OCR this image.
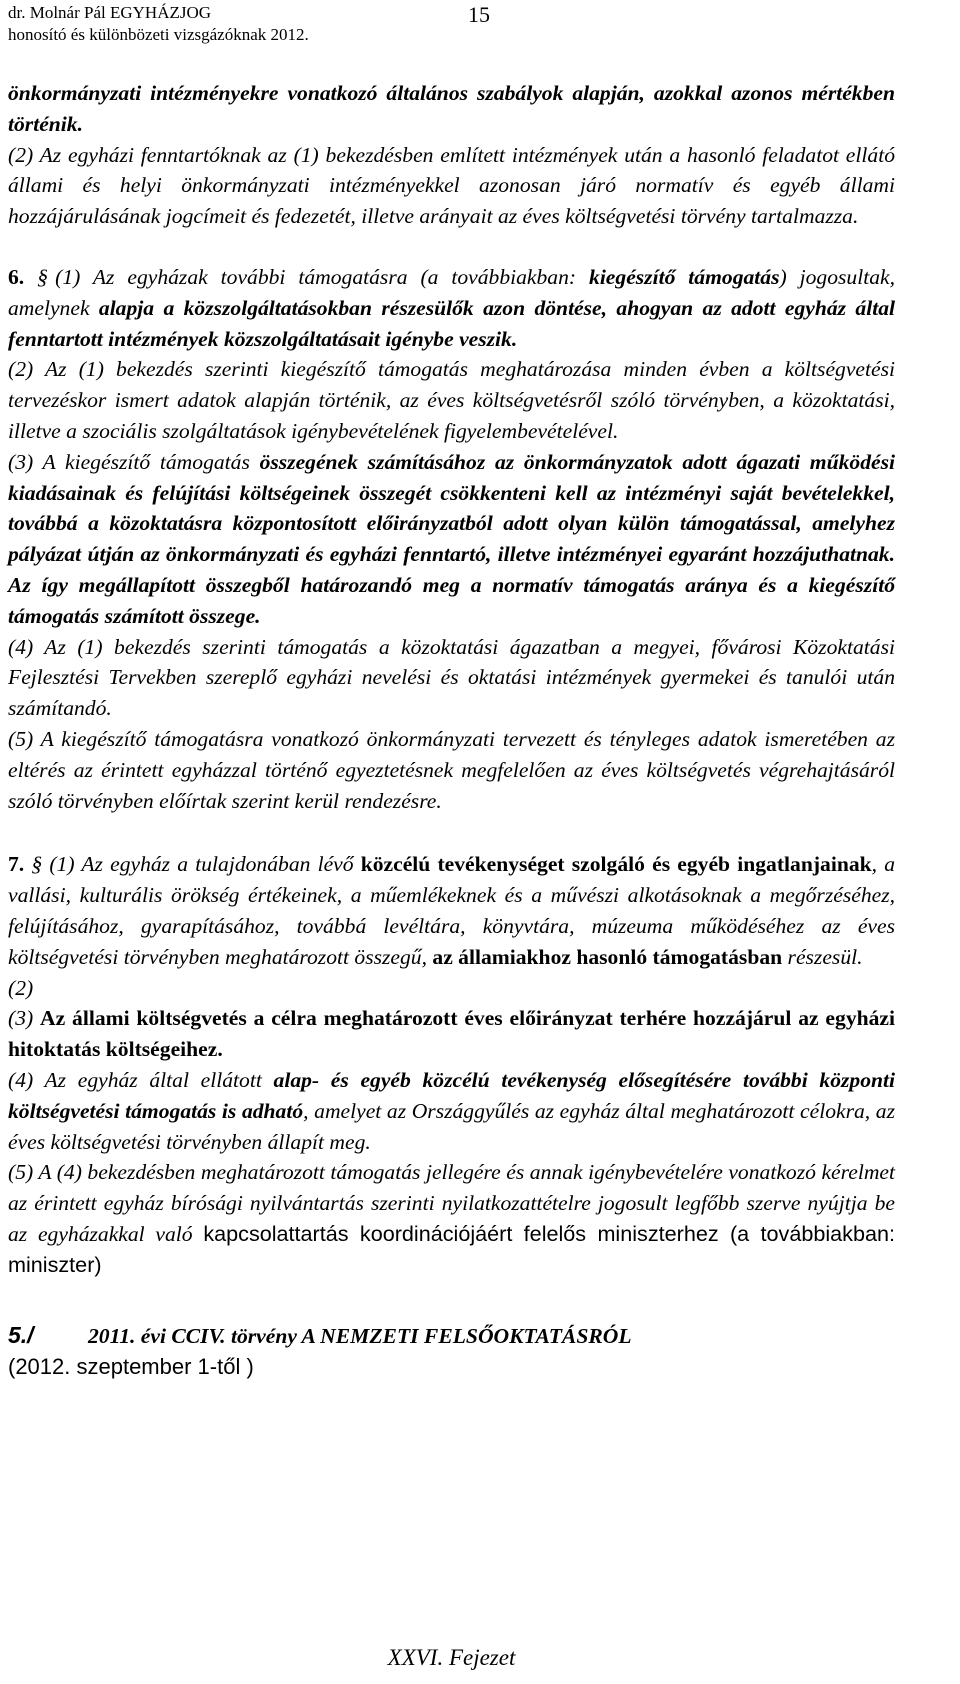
dr. Molnár Pál EGYHÁZJOG
honosító és különbözeti vizsgázóknak 2012.
15

önkormányzati intézményekre vonatkozó általános szabályok alapján, azokkal azonos mértékben történik.

(2) Az egyházi fenntartóknak az (1) bekezdésben említett intézmények után a hasonló feladatot ellátó állami és helyi önkormányzati intézményekkel azonosan járó normatív és egyéb állami hozzájárulásának jogcímeit és fedezetét, illetve arányait az éves költségvetési törvény tartalmazza.

6. § (1) Az egyházak további támogatásra (a továbbiakban: kiegészítő támogatás) jogosultak, amelynek alapja a közszolgáltatásokban részesülők azon döntése, ahogyan az adott egyház által fenntartott intézmények közszolgáltatásait igénybe veszik.

(2) Az (1) bekezdés szerinti kiegészítő támogatás meghatározása minden évben a költségvetési tervezéskor ismert adatok alapján történik, az éves költségvetésről szóló törvényben, a közoktatási, illetve a szociális szolgáltatások igénybevételének figyelembevételével.

(3) A kiegészítő támogatás összegének számításához az önkormányzatok adott ágazati működési kiadásainak és felújítási költségeinek összegét csökkenteni kell az intézményi saját bevételekkel, továbbá a közoktatásra központosított előirányzatból adott olyan külön támogatással, amelyhez pályázat útján az önkormányzati és egyházi fenntartó, illetve intézményei egyaránt hozzájuthatnak. Az így megállapított összegből határozandó meg a normatív támogatás aránya és a kiegészítő támogatás számított összege.

(4) Az (1) bekezdés szerinti támogatás a közoktatási ágazatban a megyei, fővárosi Közoktatási Fejlesztési Tervekben szereplő egyházi nevelési és oktatási intézmények gyermekei és tanulói után számítandó.

(5) A kiegészítő támogatásra vonatkozó önkormányzati tervezett és tényleges adatok ismeretében az eltérés az érintett egyházzal történő egyeztetésnek megfelelően az éves költségvetés végrehajtásáról szóló törvényben előírtak szerint kerül rendezésre.

7. § (1) Az egyház a tulajdonában lévő közcélú tevékenységet szolgáló és egyéb ingatlanjainak, a vallási, kulturális örökség értékeinek, a műemlékeknek és a művészi alkotásoknak a megőrzéséhez, felújításához, gyarapításához, továbbá levéltára, könyvtára, múzeuma működéséhez az éves költségvetési törvényben meghatározott összegű, az államiakhoz hasonló támogatásban részesül.

(2)

(3) Az állami költségvetés a célra meghatározott éves előirányzat terhére hozzájárul az egyházi hitoktatás költségeihez.

(4) Az egyház által ellátott alap- és egyéb közcélú tevékenység elősegítésére további központi költségvetési támogatás is adható, amelyet az Országgyűlés az egyház által meghatározott célokra, az éves költségvetési törvényben állapít meg.

(5) A (4) bekezdésben meghatározott támogatás jellegére és annak igénybevételére vonatkozó kérelmet az érintett egyház bírósági nyilvántartás szerinti nyilatkozattételre jogosult legfőbb szerve nyújtja be az egyházakkal való kapcsolattartás koordinációjáért felelős miniszterhez (a továbbiakban: miniszter)

5./	2011. évi CCIV. törvény A NEMZETI FELSŐOKTATÁSRÓL

(2012. szeptember 1-től )

XXVI. Fejezet
